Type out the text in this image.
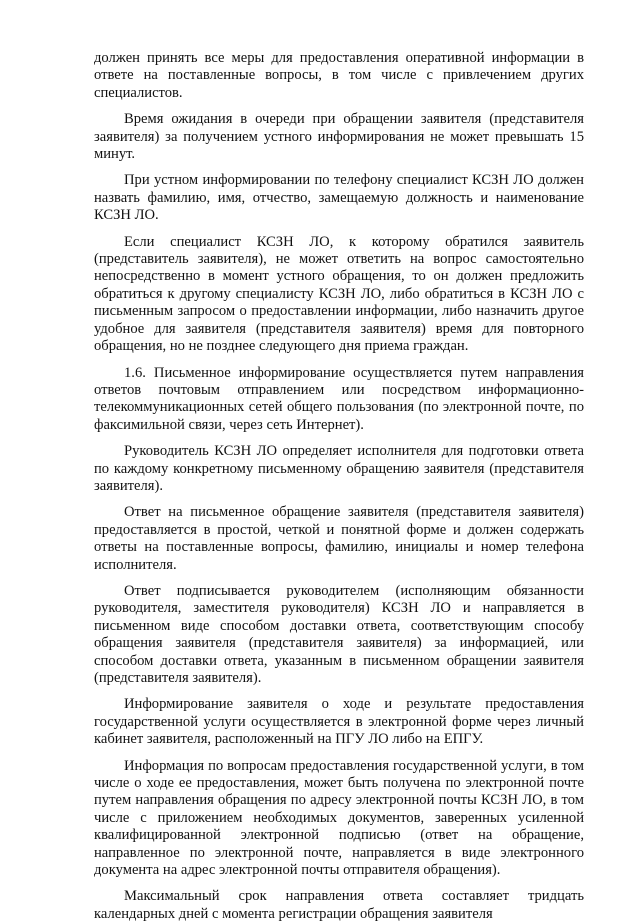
должен принять все меры для предоставления оперативной информации в ответе на поставленные вопросы, в том числе с привлечением других специалистов.

Время ожидания в очереди при обращении заявителя (представителя заявителя) за получением устного информирования не может превышать 15 минут.

При устном информировании по телефону специалист КСЗН ЛО должен назвать фамилию, имя, отчество, замещаемую должность и наименование КСЗН ЛО.

Если специалист КСЗН ЛО, к которому обратился заявитель (представитель заявителя), не может ответить на вопрос самостоятельно непосредственно в момент устного обращения, то он должен предложить обратиться к другому специалисту КСЗН ЛО, либо обратиться в КСЗН ЛО с письменным запросом о предоставлении информации, либо назначить другое удобное для заявителя (представителя заявителя) время для повторного обращения, но не позднее следующего дня приема граждан.

1.6. Письменное информирование осуществляется путем направления ответов почтовым отправлением или посредством информационно-телекоммуникационных сетей общего пользования (по электронной почте, по факсимильной связи, через сеть Интернет).

Руководитель КСЗН ЛО определяет исполнителя для подготовки ответа по каждому конкретному письменному обращению заявителя (представителя заявителя).

Ответ на письменное обращение заявителя (представителя заявителя) предоставляется в простой, четкой и понятной форме и должен содержать ответы на поставленные вопросы, фамилию, инициалы и номер телефона исполнителя.

Ответ подписывается руководителем (исполняющим обязанности руководителя, заместителя руководителя) КСЗН ЛО и направляется в письменном виде способом доставки ответа, соответствующим способу обращения заявителя (представителя заявителя) за информацией, или способом доставки ответа, указанным в письменном обращении заявителя (представителя заявителя).

Информирование заявителя о ходе и результате предоставления государственной услуги осуществляется в электронной форме через личный кабинет заявителя, расположенный на ПГУ ЛО либо на ЕПГУ.

Информация по вопросам предоставления государственной услуги, в том числе о ходе ее предоставления, может быть получена по электронной почте путем направления обращения по адресу электронной почты КСЗН ЛО, в том числе с приложением необходимых документов, заверенных усиленной квалифицированной электронной подписью (ответ на обращение, направленное по электронной почте, направляется в виде электронного документа на адрес электронной почты отправителя обращения).

Максимальный срок направления ответа составляет тридцать календарных дней с момента регистрации обращения заявителя
